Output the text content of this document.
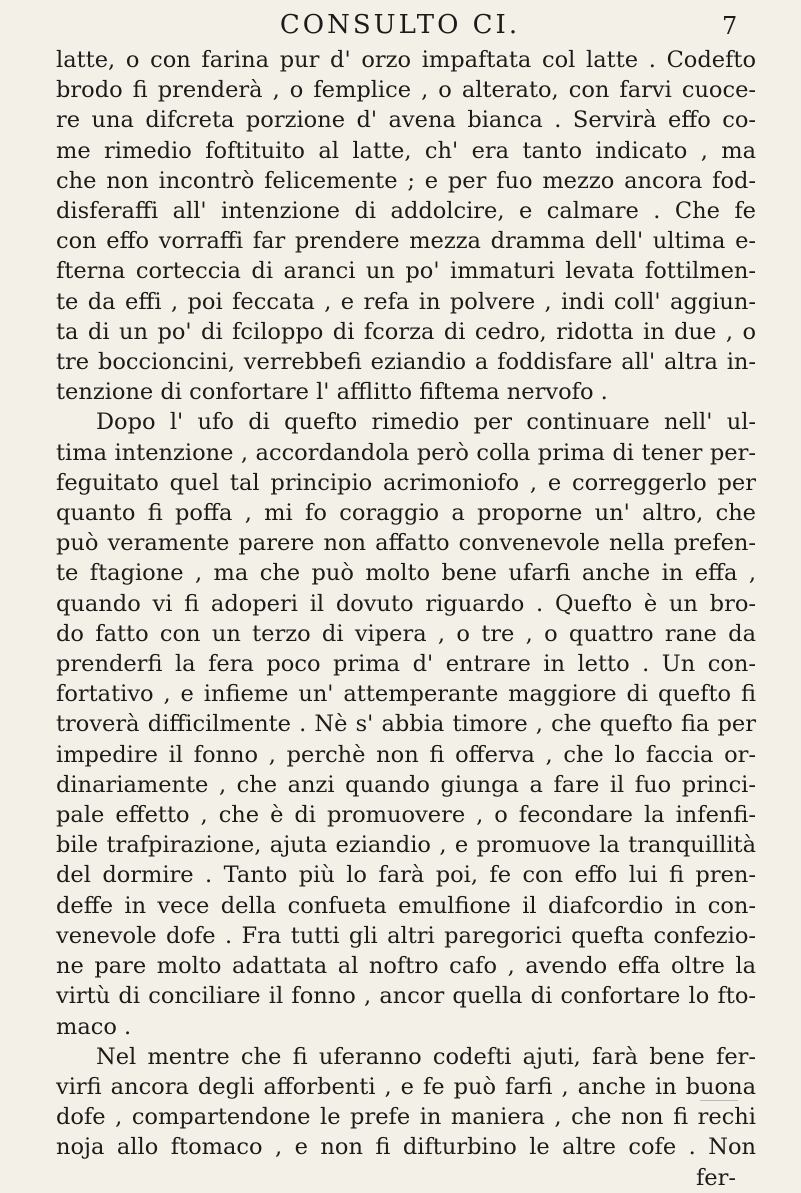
CONSULTO CI.	7
latte, o con farina pur d' orzo impaftata col latte . Codefto
brodo fi prenderà , o femplice , o alterato, con farvi cuoce-
re una difcreta porzione d' avena bianca . Servirà effo co-
me rimedio foftituito al latte, ch' era tanto indicato , ma
che non incontrò felicemente ; e per fuo mezzo ancora fod-
disferaffi all' intenzione di addolcire, e calmare . Che fe
con effo vorraffi far prendere mezza dramma dell' ultima e-
fterna corteccia di aranci un po' immaturi levata fottilmen-
te da effi , poi feccata , e refa in polvere , indi coll' aggiun-
ta di un po' di fciloppo di fcorza di cedro, ridotta in due , o
tre boccioncini, verrebbefi eziandio a foddisfare all' altra in-
tenzione di confortare l' afflitto fiftema nervofo .
Dopo l' ufo di quefto rimedio per continuare nell' ul-
tima intenzione , accordandola però colla prima di tener per-
feguitato quel tal principio acrimoniofo , e correggerlo per
quanto fi poffa , mi fo coraggio a proporne un' altro, che
può veramente parere non affatto convenevole nella prefen-
te ftagione , ma che può molto bene ufarfi anche in effa ,
quando vi fi adoperi il dovuto riguardo . Quefto è un bro-
do fatto con un terzo di vipera , o tre , o quattro rane da
prenderfi la fera poco prima d' entrare in letto . Un con-
fortativo , e infieme un' attemperante maggiore di quefto fi
troverà difficilmente . Nè s' abbia timore , che quefto fia per
impedire il fonno , perchè non fi offerva , che lo faccia or-
dinariamente , che anzi quando giunga a fare il fuo princi-
pale effetto , che è di promuovere , o fecondare la infenfi-
bile trafpirazione, ajuta eziandio , e promuove la tranquillità
del dormire . Tanto più lo farà poi, fe con effo lui fi pren-
deffe in vece della confueta emulfione il diafcordio in con-
venevole dofe . Fra tutti gli altri paregorici quefta confezio-
ne pare molto adattata al noftro cafo , avendo effa oltre la
virtù di conciliare il fonno , ancor quella di confortare lo fto-
maco .
Nel mentre che fi uferanno codefti ajuti, farà bene fer-
virfi ancora degli afforbenti , e fe può farfi , anche in buona
dofe , compartendone le prefe in maniera , che non fi rechi
noja allo ftomaco , e non fi difturbino le altre cofe . Non
fer-
